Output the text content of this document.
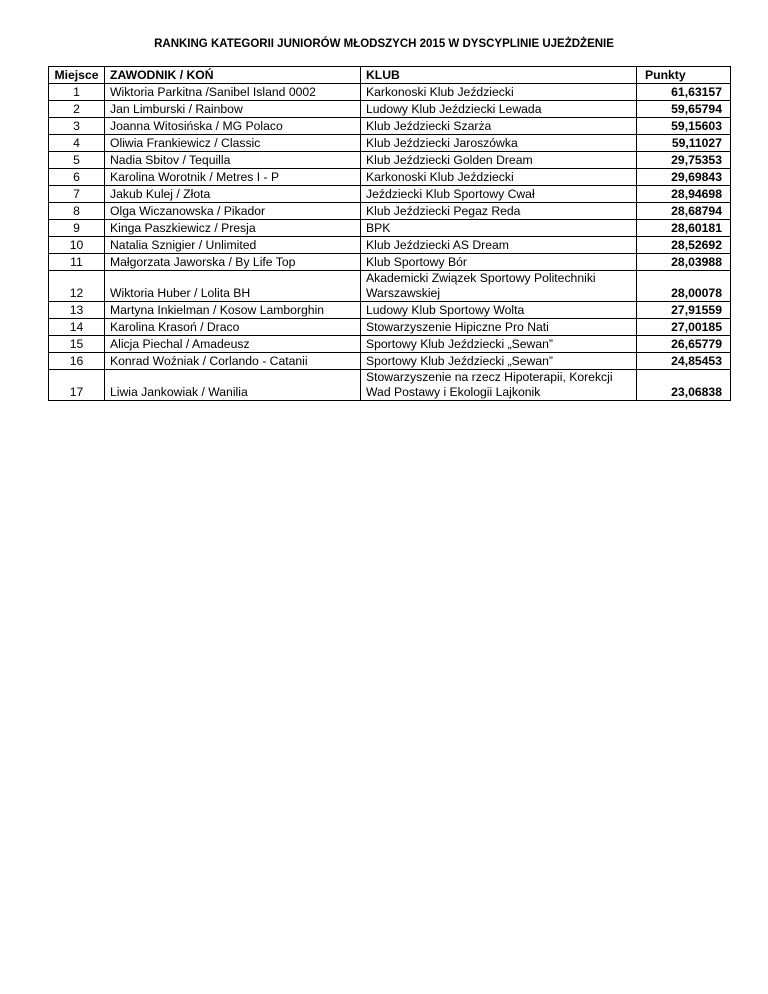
RANKING KATEGORII JUNIORÓW MŁODSZYCH 2015 W DYSCYPLINIE UJEŻDŻENIE
Miejsce	ZAWODNIK / KOŃ	KLUB	Punkty
1	Wiktoria Parkitna /Sanibel Island 0002	Karkonoski Klub Jeździecki	61,63157
2	Jan Limburski / Rainbow	Ludowy Klub Jeździecki Lewada	59,65794
3	Joanna Witosińska / MG Polaco	Klub Jeździecki Szarża	59,15603
4	Oliwia Frankiewicz / Classic	Klub Jeździecki Jaroszówka	59,11027
5	Nadia Sbitov / Tequilla	Klub Jeździecki Golden Dream	29,75353
6	Karolina Worotnik / Metres I - P	Karkonoski Klub Jeździecki	29,69843
7	Jakub Kulej / Złota	Jeździecki Klub Sportowy Cwał	28,94698
8	Olga Wiczanowska / Pikador	Klub Jeździecki Pegaz Reda	28,68794
9	Kinga Paszkiewicz / Presja	BPK	28,60181
10	Natalia Sznigier / Unlimited	Klub Jeździecki AS Dream	28,52692
11	Małgorzata Jaworska / By Life Top	Klub Sportowy Bór	28,03988
12	Wiktoria Huber / Lolita BH	Akademicki Związek Sportowy Politechniki Warszawskiej	28,00078
13	Martyna Inkielman / Kosow Lamborghin	Ludowy Klub Sportowy Wolta	27,91559
14	Karolina Krasoń / Draco	Stowarzyszenie Hipiczne Pro Nati	27,00185
15	Alicja Piechal / Amadeusz	Sportowy Klub Jeździecki „Sewan”	26,65779
16	Konrad Woźniak / Corlando - Catanii	Sportowy Klub Jeździecki „Sewan”	24,85453
17	Liwia Jankowiak / Wanilia	Stowarzyszenie na rzecz Hipoterapii, Korekcji Wad Postawy i Ekologii Lajkonik	23,06838
